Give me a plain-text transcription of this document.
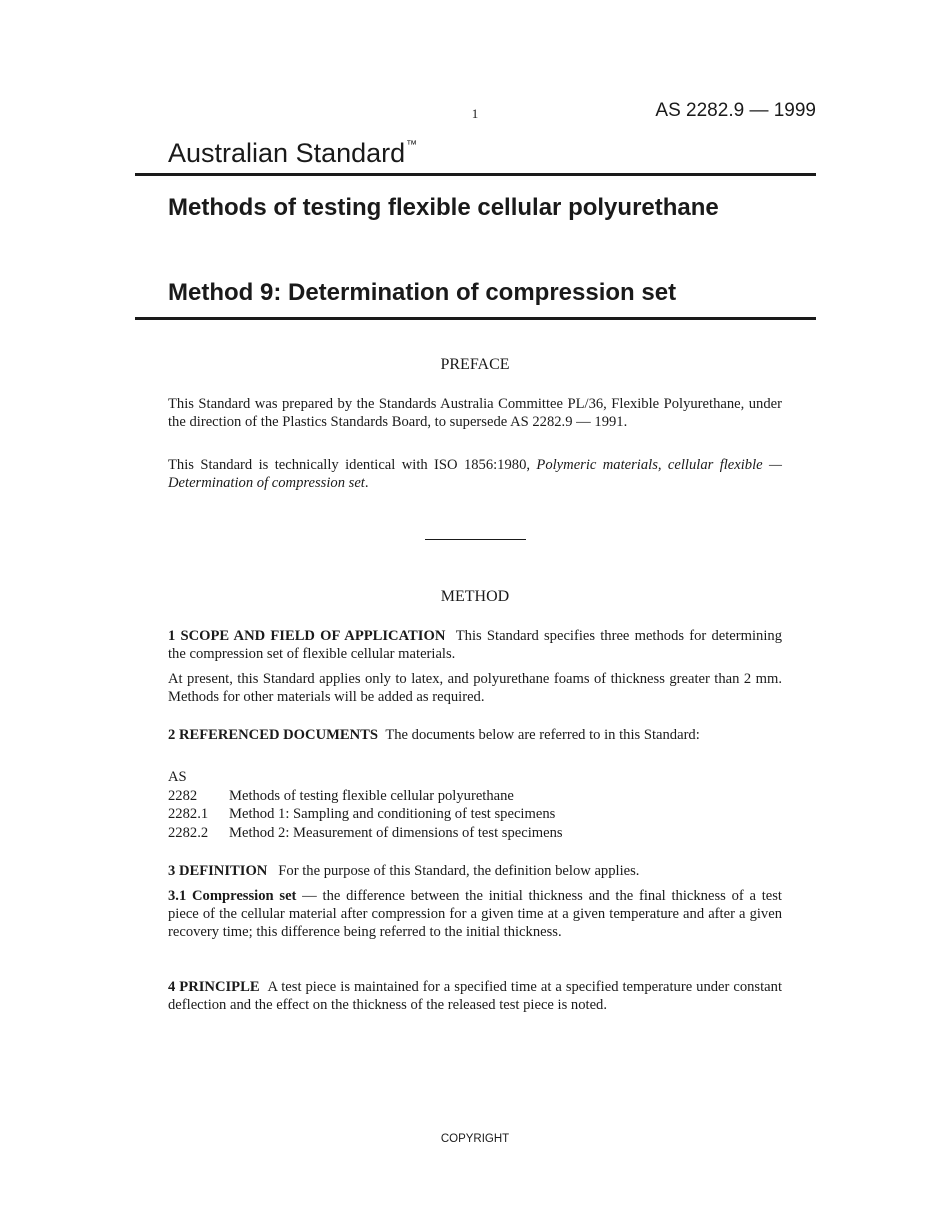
1	AS 2282.9 — 1999
Australian Standard™
Methods of testing flexible cellular polyurethane
Method 9: Determination of compression set
PREFACE
This Standard was prepared by the Standards Australia Committee PL/36, Flexible Polyurethane, under the direction of the Plastics Standards Board, to supersede AS 2282.9 — 1991.
This Standard is technically identical with ISO 1856:1980, Polymeric materials, cellular flexible — Determination of compression set.
METHOD
1 SCOPE AND FIELD OF APPLICATION This Standard specifies three methods for determining the compression set of flexible cellular materials.
At present, this Standard applies only to latex, and polyurethane foams of thickness greater than 2 mm. Methods for other materials will be added as required.
2 REFERENCED DOCUMENTS The documents below are referred to in this Standard:
AS
2282	Methods of testing flexible cellular polyurethane
2282.1	Method 1: Sampling and conditioning of test specimens
2282.2	Method 2: Measurement of dimensions of test specimens
3 DEFINITION For the purpose of this Standard, the definition below applies.
3.1 Compression set — the difference between the initial thickness and the final thickness of a test piece of the cellular material after compression for a given time at a given temperature and after a given recovery time; this difference being referred to the initial thickness.
4 PRINCIPLE A test piece is maintained for a specified time at a specified temperature under constant deflection and the effect on the thickness of the released test piece is noted.
COPYRIGHT
